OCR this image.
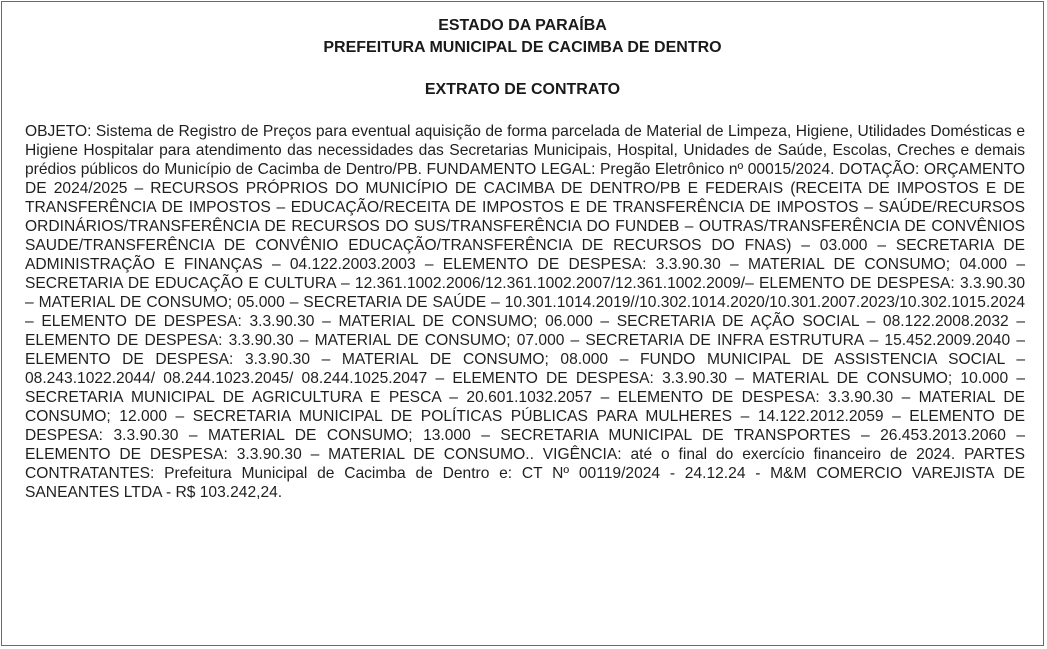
ESTADO DA PARAÍBA
PREFEITURA MUNICIPAL DE CACIMBA DE DENTRO
EXTRATO DE CONTRATO

OBJETO: Sistema de Registro de Preços para eventual aquisição de forma parcelada de Material de Limpeza, Higiene, Utilidades Domésticas e Higiene Hospitalar para atendimento das necessidades das Secretarias Municipais, Hospital, Unidades de Saúde, Escolas, Creches e demais prédios públicos do Município de Cacimba de Dentro/PB. FUNDAMENTO LEGAL: Pregão Eletrônico nº 00015/2024. DOTAÇÃO: ORÇAMENTO DE 2024/2025 – RECURSOS PRÓPRIOS DO MUNICÍPIO DE CACIMBA DE DENTRO/PB E FEDERAIS (RECEITA DE IMPOSTOS E DE TRANSFERÊNCIA DE IMPOSTOS – EDUCAÇÃO/RECEITA DE IMPOSTOS E DE TRANSFERÊNCIA DE IMPOSTOS – SAÚDE/RECURSOS ORDINÁRIOS/TRANSFERÊNCIA DE RECURSOS DO SUS/TRANSFERÊNCIA DO FUNDEB – OUTRAS/TRANSFERÊNCIA DE CONVÊNIOS SAUDE/TRANSFERÊNCIA DE CONVÊNIO EDUCAÇÃO/TRANSFERÊNCIA DE RECURSOS DO FNAS) – 03.000 – SECRETARIA DE ADMINISTRAÇÃO E FINANÇAS – 04.122.2003.2003 – ELEMENTO DE DESPESA: 3.3.90.30 – MATERIAL DE CONSUMO; 04.000 – SECRETARIA DE EDUCAÇÃO E CULTURA – 12.361.1002.2006/12.361.1002.2007/12.361.1002.2009/– ELEMENTO DE DESPESA: 3.3.90.30 – MATERIAL DE CONSUMO; 05.000 – SECRETARIA DE SAÚDE – 10.301.1014.2019//10.302.1014.2020/10.301.2007.2023/10.302.1015.2024 – ELEMENTO DE DESPESA: 3.3.90.30 – MATERIAL DE CONSUMO; 06.000 – SECRETARIA DE AÇÃO SOCIAL – 08.122.2008.2032 – ELEMENTO DE DESPESA: 3.3.90.30 – MATERIAL DE CONSUMO; 07.000 – SECRETARIA DE INFRA ESTRUTURA – 15.452.2009.2040 – ELEMENTO DE DESPESA: 3.3.90.30 – MATERIAL DE CONSUMO; 08.000 – FUNDO MUNICIPAL DE ASSISTENCIA SOCIAL – 08.243.1022.2044/ 08.244.1023.2045/ 08.244.1025.2047 – ELEMENTO DE DESPESA: 3.3.90.30 – MATERIAL DE CONSUMO; 10.000 – SECRETARIA MUNICIPAL DE AGRICULTURA E PESCA – 20.601.1032.2057 – ELEMENTO DE DESPESA: 3.3.90.30 – MATERIAL DE CONSUMO; 12.000 – SECRETARIA MUNICIPAL DE POLÍTICAS PÚBLICAS PARA MULHERES – 14.122.2012.2059 – ELEMENTO DE DESPESA: 3.3.90.30 – MATERIAL DE CONSUMO; 13.000 – SECRETARIA MUNICIPAL DE TRANSPORTES – 26.453.2013.2060 – ELEMENTO DE DESPESA: 3.3.90.30 – MATERIAL DE CONSUMO.. VIGÊNCIA: até o final do exercício financeiro de 2024. PARTES CONTRATANTES: Prefeitura Municipal de Cacimba de Dentro e: CT Nº 00119/2024 - 24.12.24 - M&M COMERCIO VAREJISTA DE SANEANTES LTDA - R$ 103.242,24.
